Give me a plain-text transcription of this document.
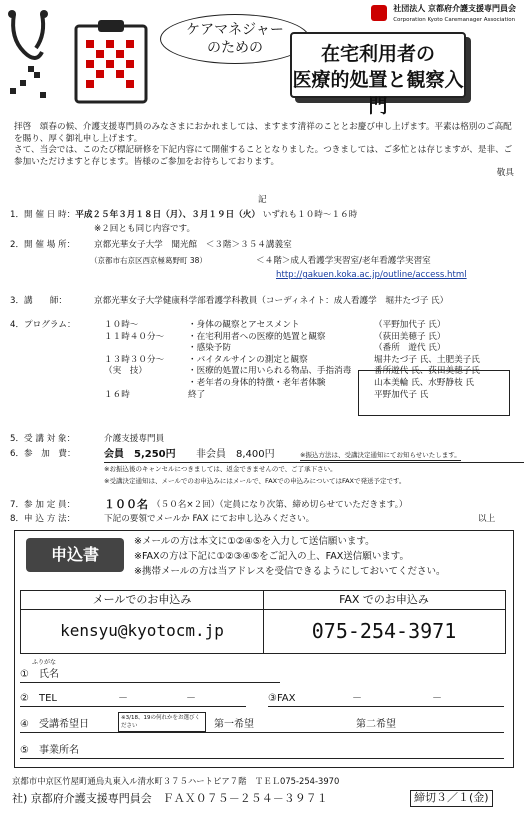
ケアマネジャー
のための	在宅利用者の
医療的処置と観察入門
社団法人 京都府介護支援専門員会
Corporation Kyoto Caremanager Association
拝啓　頌春の候、介護支援専門員のみなさまにおかれましては、ますます清祥のこととお慶び申し上げます。平素は格別のご高配を賜り、厚く御礼申し上げます。
さて、当会では、このたび標記研修を下記内容にて開催することとなりました。つきましては、ご多忙とは存じますが、是非、ご参加いただけますと存じます。皆様のご参加をお待ちしております。
敬具
記
1．開 催 日 時：平成２５年３月１８日（月）、３月１９日（火） いずれも１０時～１６時
※２回とも同じ内容です。
2．開 催 場 所： 京都光華女子大学　聞光館　＜３階＞３５４講義室
（京都市右京区西京極葛野町 38）	＜４階＞成人看護学実習室/老年看護学実習室
http://gakuen.koka.ac.jp/outline/access.html
3．講　　師：	京都光華女子大学健康科学部看護学科教員（コーディネイト：成人看護学　堀井たづ子 氏）
4．プログラム：	１０時～	・身体の観察とアセスメント	（平野加代子 氏）
１１時４０分～	・在宅利用者への医療的処置と観察	（荻田美穂子 氏）
	・感染予防	（番所　遊代 氏）
１３時３０分～	・バイタルサインの測定と観察	堀井たづ子 氏、土肥美子氏
（実　技）	・医療的処置に用いられる物品、手指消毒	番所遊代 氏、荻田美穂子氏
	・老年者の身体的特徴・老年者体験	山本美輪 氏、水野静枝 氏
１６時	終了	平野加代子 氏
5．受 講 対 象：	介護支援専門員
6．参　加　費：	会員　5,250円 非会員　8,400円	※振込方法は、受講決定通知にてお知らせいたします。
※お振込後のキャンセルにつきましては、返金できませんので、ご了承下さい。
※受講決定通知は、メールでのお申込みにはメールで、FAXでの申込みについてはFAXで発送予定です。
7．参 加 定 員：	１００名 （５０名×２回）（定員になり次第、締め切らせていただきます。）
8．申 込 方 法：	下記の要領でメールか FAX にてお申し込みください。	以上
申込書
※メールの方は本文に①②④⑤を入力して送信願います。
※FAXの方は下記に①②③④⑤をご記入の上、FAX送信願います。
※携帯メールの方は当アドレスを受信できるようにしておいてください。
メールでのお申込み	FAX でのお申込み
kensyu@kyotocm.jp	075-254-3971
ふりがな
①　氏名
②　TEL	－	－	③FAX	－	－
④　受講希望日
※3/18、19の何れかをお選びください	第一希望	第二希望
⑤　事業所名
京都市中京区竹屋町通烏丸東入ル清水町３７５ハートピア７階　ＴＥＬ075-254-3970
社) 京都府介護支援専門員会　ＦＡＸ０７５－２５４－３９７１	締切３／１(金)
